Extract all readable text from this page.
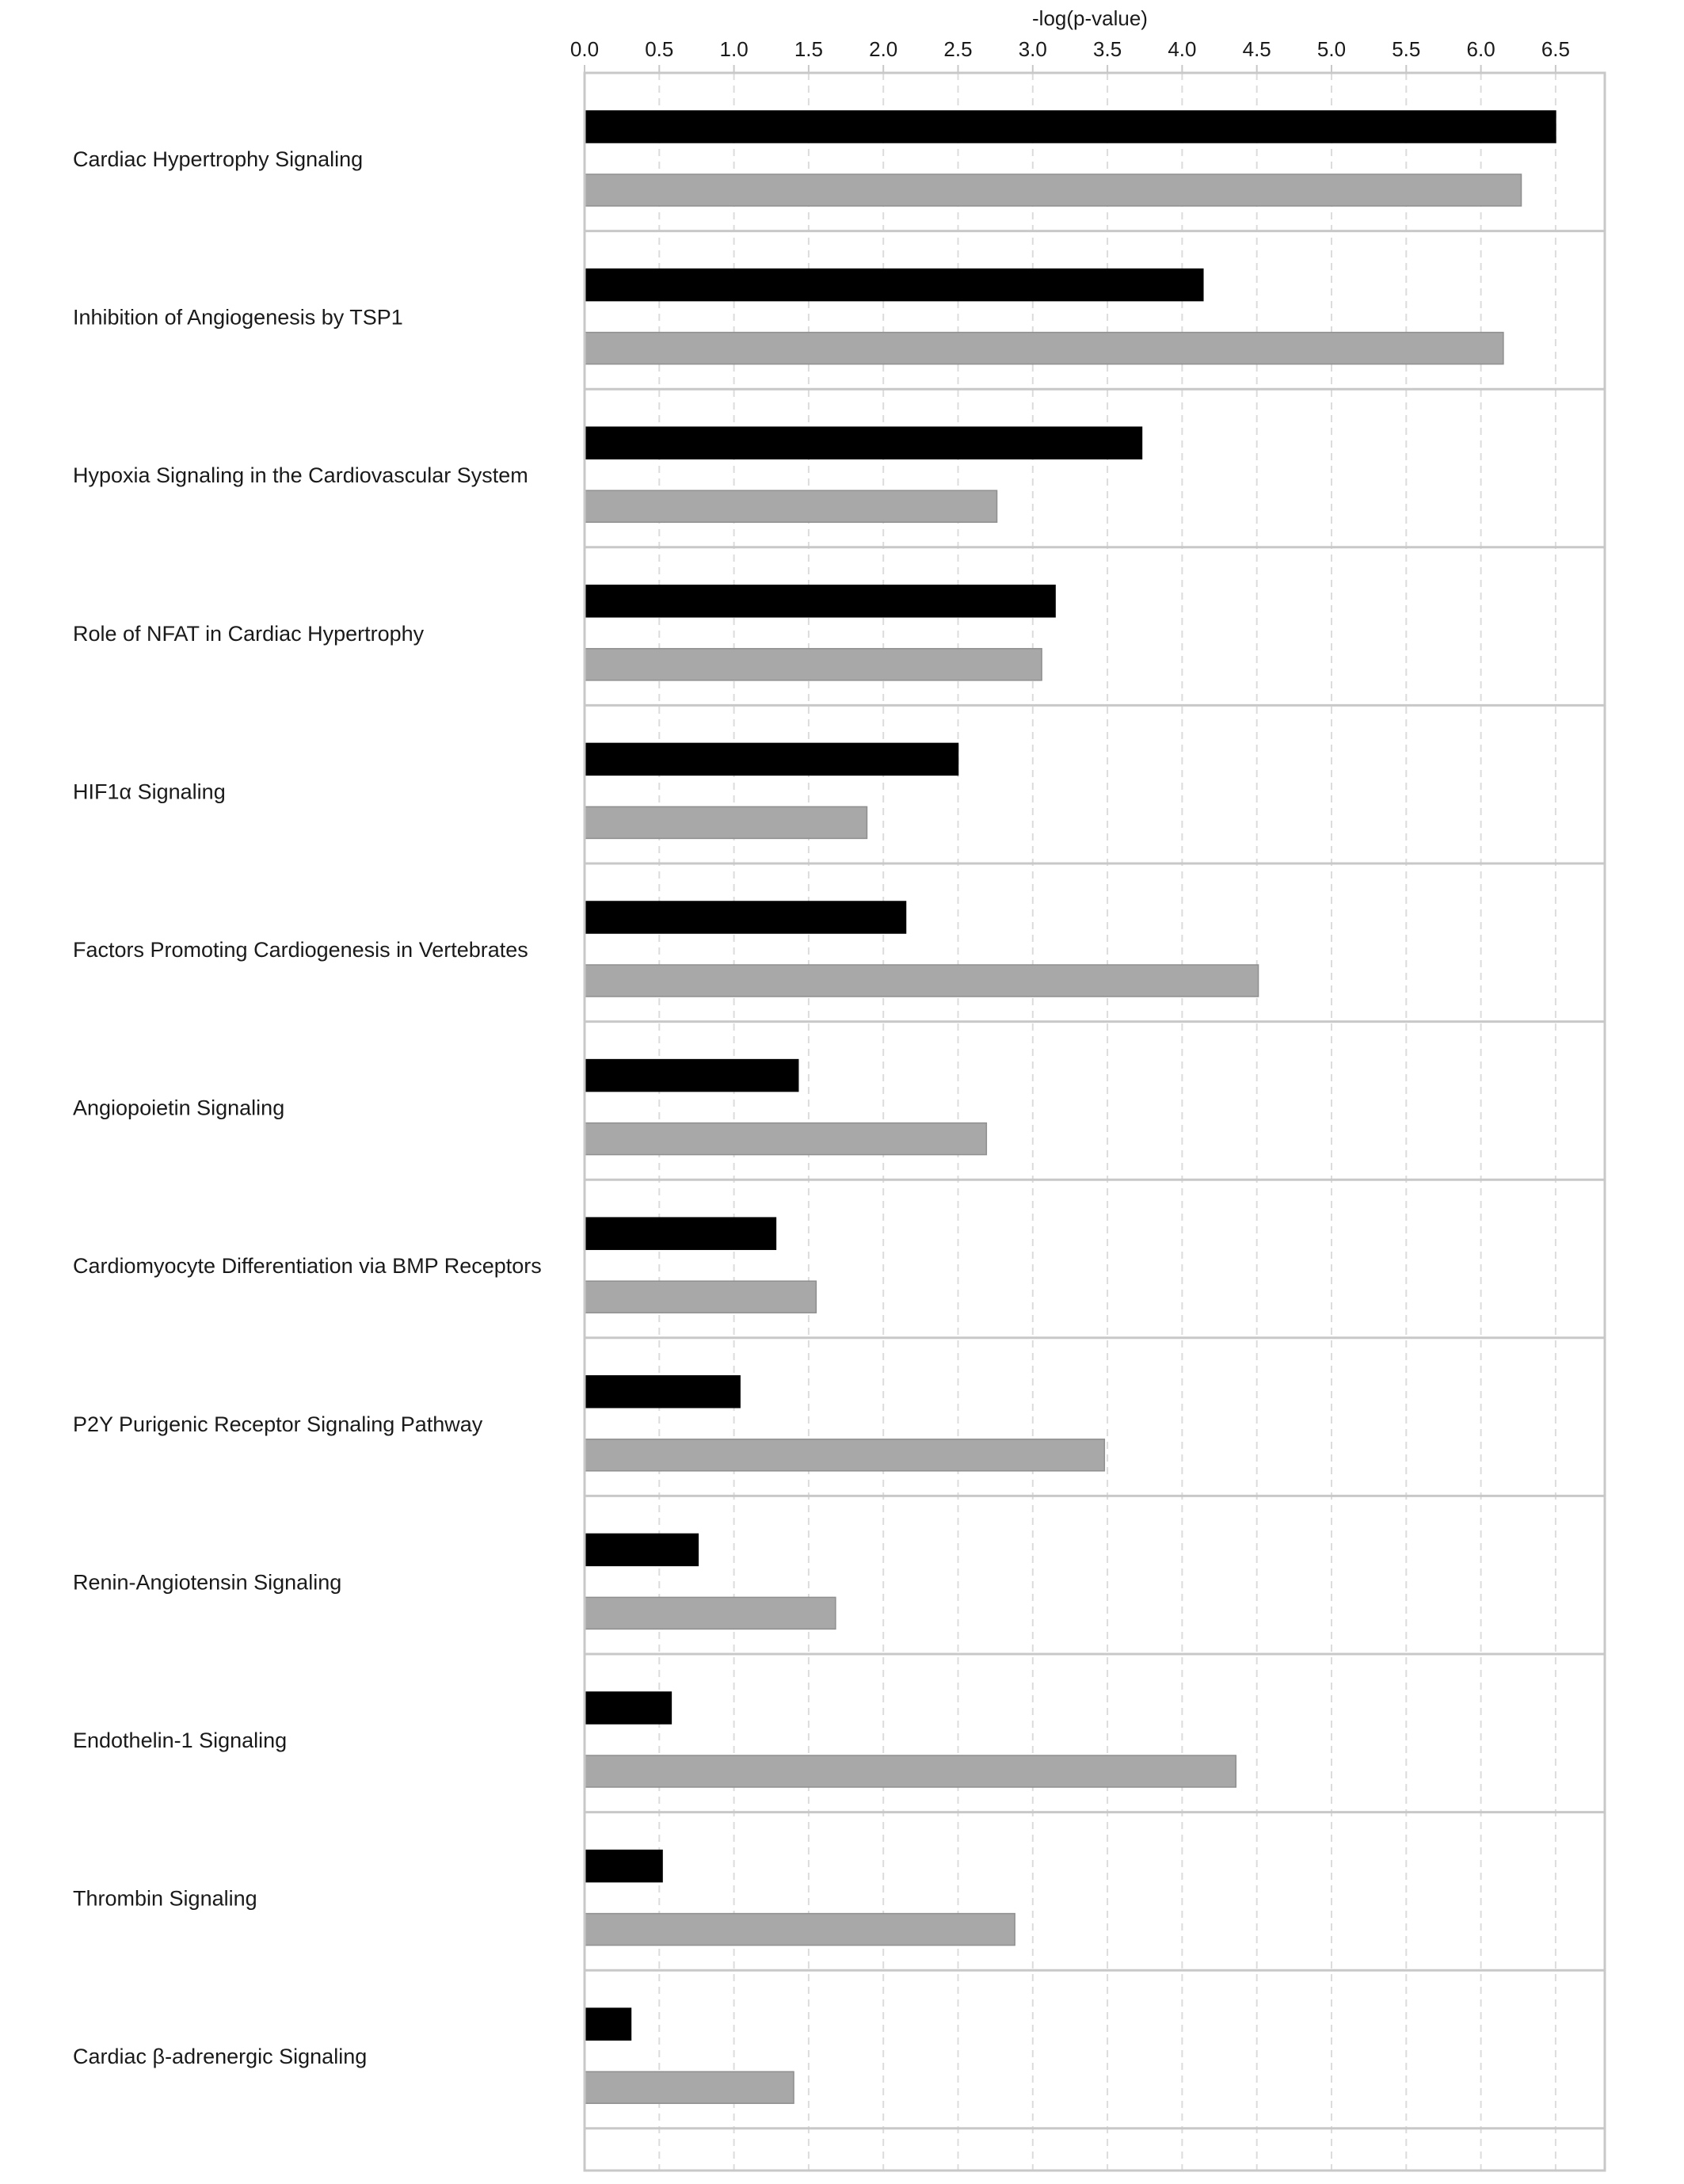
0.0 0.5 1.0 1.5 2.0 2.5 3.0 3.5 4.0 4.5 5.0 5.5 6.0 6.5
-log(p-value)
Cardiac Hypertrophy Signaling
Inhibition of Angiogenesis by TSP1
Hypoxia Signaling in the Cardiovascular System
Role of NFAT in Cardiac Hypertrophy
HIF1α Signaling
Factors Promoting Cardiogenesis in Vertebrates
Angiopoietin Signaling
Cardiomyocyte Differentiation via BMP Receptors
P2Y Purigenic Receptor Signaling Pathway
Renin-Angiotensin Signaling
Endothelin-1 Signaling
Thrombin Signaling
Cardiac β-adrenergic Signaling
